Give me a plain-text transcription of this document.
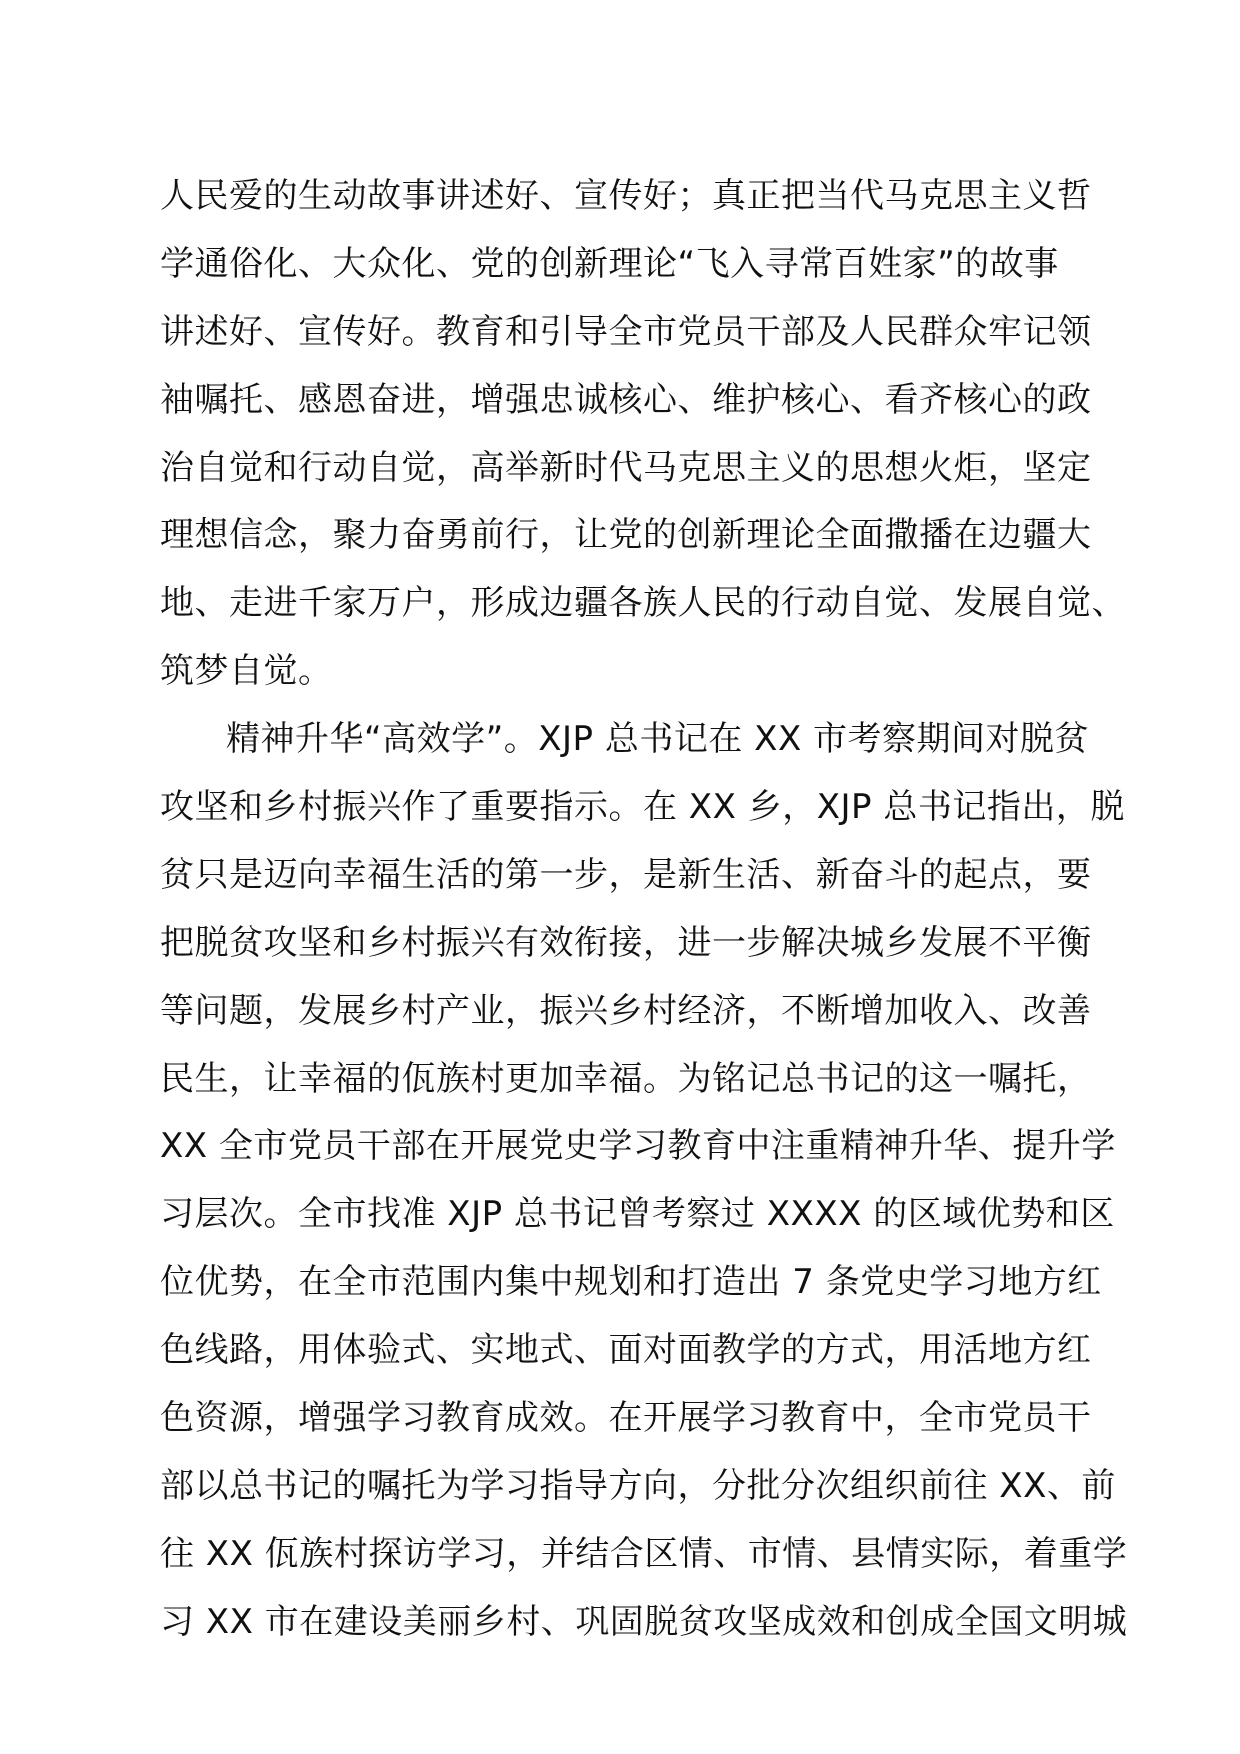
人民爱的生动故事讲述好、宣传好；真正把当代马克思主义哲
学通俗化、大众化、党的创新理论“飞入寻常百姓家”的故事
讲述好、宣传好。教育和引导全市党员干部及人民群众牢记领
袖嘱托、感恩奋进，增强忠诚核心、维护核心、看齐核心的政
治自觉和行动自觉，高举新时代马克思主义的思想火炬，坚定
理想信念，聚力奋勇前行，让党的创新理论全面撒播在边疆大
地、走进千家万户，形成边疆各族人民的行动自觉、发展自觉、
筑梦自觉。
精神升华“高效学”。XJP 总书记在 XX 市考察期间对脱贫
攻坚和乡村振兴作了重要指示。在 XX 乡，XJP 总书记指出，脱
贫只是迈向幸福生活的第一步，是新生活、新奋斗的起点，要
把脱贫攻坚和乡村振兴有效衔接，进一步解决城乡发展不平衡
等问题，发展乡村产业，振兴乡村经济，不断增加收入、改善
民生，让幸福的佤族村更加幸福。为铭记总书记的这一嘱托，
XX 全市党员干部在开展党史学习教育中注重精神升华、提升学
习层次。全市找准 XJP 总书记曾考察过 XXXX 的区域优势和区
位优势，在全市范围内集中规划和打造出 7 条党史学习地方红
色线路，用体验式、实地式、面对面教学的方式，用活地方红
色资源，增强学习教育成效。在开展学习教育中，全市党员干
部以总书记的嘱托为学习指导方向，分批分次组织前往 XX、前
往 XX 佤族村探访学习，并结合区情、市情、县情实际，着重学
习 XX 市在建设美丽乡村、巩固脱贫攻坚成效和创成全国文明城
